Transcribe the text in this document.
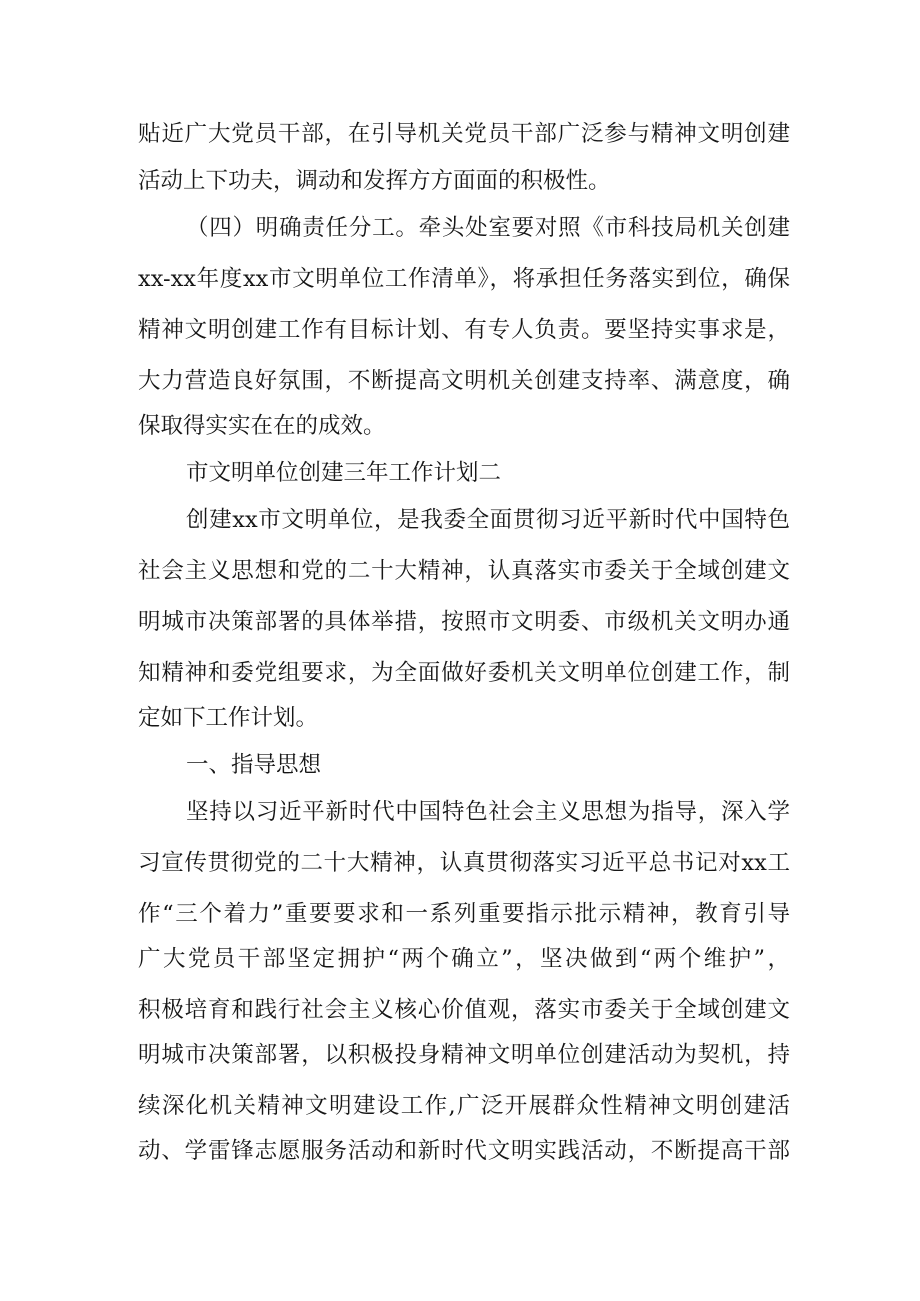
贴近广大党员干部，在引导机关党员干部广泛参与精神文明创建
活动上下功夫，调动和发挥方方面面的积极性。
（四）明确责任分工。牵头处室要对照《市科技局机关创建
xx-xx年度xx市文明单位工作清单》，将承担任务落实到位，确保
精神文明创建工作有目标计划、有专人负责。要坚持实事求是，
大力营造良好氛围，不断提高文明机关创建支持率、满意度，确
保取得实实在在的成效。
市文明单位创建三年工作计划二
创建xx市文明单位，是我委全面贯彻习近平新时代中国特色
社会主义思想和党的二十大精神，认真落实市委关于全域创建文
明城市决策部署的具体举措，按照市文明委、市级机关文明办通
知精神和委党组要求，为全面做好委机关文明单位创建工作，制
定如下工作计划。
一、指导思想
坚持以习近平新时代中国特色社会主义思想为指导，深入学
习宣传贯彻党的二十大精神，认真贯彻落实习近平总书记对xx工
作“三个着力”重要要求和一系列重要指示批示精神，教育引导
广大党员干部坚定拥护“两个确立”，坚决做到“两个维护”，
积极培育和践行社会主义核心价值观，落实市委关于全域创建文
明城市决策部署，以积极投身精神文明单位创建活动为契机，持
续深化机关精神文明建设工作,广泛开展群众性精神文明创建活
动、学雷锋志愿服务活动和新时代文明实践活动，不断提高干部
